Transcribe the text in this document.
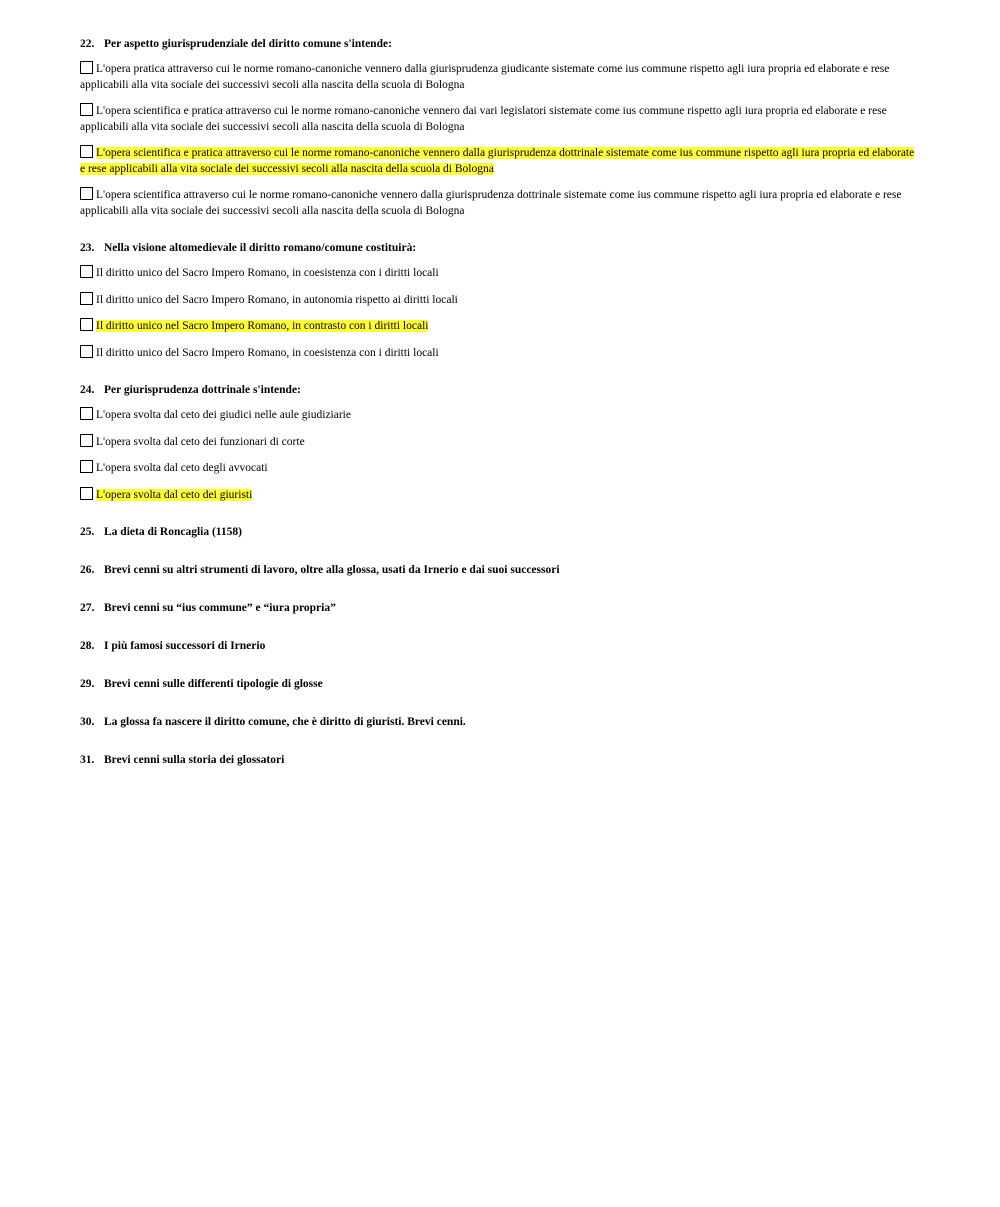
22. Per aspetto giurisprudenziale del diritto comune s'intende:
L'opera pratica attraverso cui le norme romano-canoniche vennero dalla giurisprudenza giudicante sistemate come ius commune rispetto agli iura propria ed elaborate e rese applicabili alla vita sociale dei successivi secoli alla nascita della scuola di Bologna
L'opera scientifica e pratica attraverso cui le norme romano-canoniche vennero dai vari legislatori sistemate come ius commune rispetto agli iura propria ed elaborate e rese applicabili alla vita sociale dei successivi secoli alla nascita della scuola di Bologna
L'opera scientifica e pratica attraverso cui le norme romano-canoniche vennero dalla giurisprudenza dottrinale sistemate come ius commune rispetto agli iura propria ed elaborate e rese applicabili alla vita sociale dei successivi secoli alla nascita della scuola di Bologna
L'opera scientifica attraverso cui le norme romano-canoniche vennero dalla giurisprudenza dottrinale sistemate come ius commune rispetto agli iura propria ed elaborate e rese applicabili alla vita sociale dei successivi secoli alla nascita della scuola di Bologna
23. Nella visione altomedievale il diritto romano/comune costituirà:
Il diritto unico del Sacro Impero Romano, in coesistenza con i diritti locali
Il diritto unico del Sacro Impero Romano, in autonomia rispetto ai diritti locali
Il diritto unico nel Sacro Impero Romano, in contrasto con i diritti locali
Il diritto unico del Sacro Impero Romano, in coesistenza con i diritti locali
24. Per giurisprudenza dottrinale s'intende:
L'opera svolta dal ceto dei giudici nelle aule giudiziarie
L'opera svolta dal ceto dei funzionari di corte
L'opera svolta dal ceto degli avvocati
L'opera svolta dal ceto dei giuristi
25. La dieta di Roncaglia (1158)
26. Brevi cenni su altri strumenti di lavoro, oltre alla glossa, usati da Irnerio e dai suoi successori
27. Brevi cenni su “ius commune” e “iura propria”
28. I più famosi successori di Irnerio
29. Brevi cenni sulle differenti tipologie di glosse
30. La glossa fa nascere il diritto comune, che è diritto di giuristi. Brevi cenni.
31. Brevi cenni sulla storia dei glossatori
